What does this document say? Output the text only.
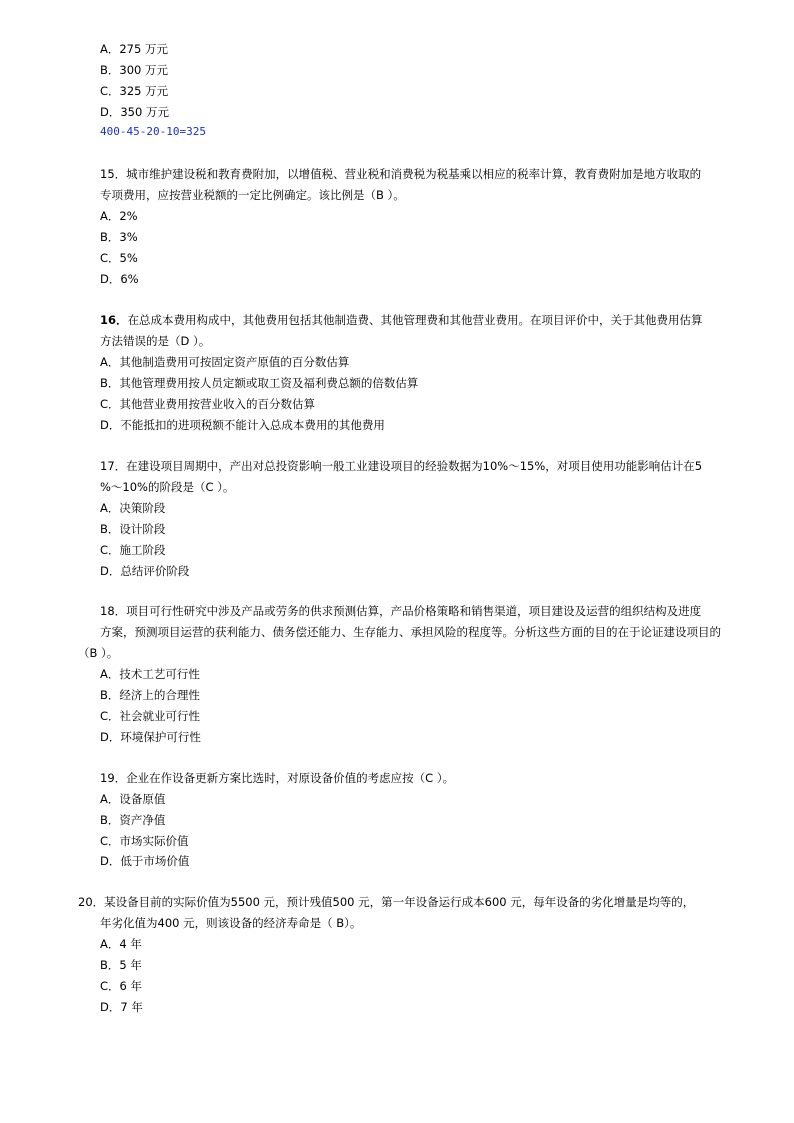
A．275 万元
B．300 万元
C．325 万元
D．350 万元
400-45-20-10=325
15．城市维护建设税和教育费附加，以增值税、营业税和消费税为税基乘以相应的税率计算，教育费附加是地方收取的
专项费用，应按营业税额的一定比例确定。该比例是（B ）。
A．2%
B．3%
C．5%
D．6%
16．在总成本费用构成中，其他费用包括其他制造费、其他管理费和其他营业费用。在项目评价中，关于其他费用估算
方法错误的是（D ）。
A．其他制造费用可按固定资产原值的百分数估算
B．其他管理费用按人员定额或取工资及福利费总额的倍数估算
C．其他营业费用按营业收入的百分数估算
D．不能抵扣的进项税额不能计入总成本费用的其他费用
17．在建设项目周期中，产出对总投资影响一般工业建设项目的经验数据为10%～15%，对项目使用功能影响估计在5
%～10%的阶段是（C ）。
A．决策阶段
B．设计阶段
C．施工阶段
D．总结评价阶段
18．项目可行性研究中涉及产品或劳务的供求预测估算，产品价格策略和销售渠道，项目建设及运营的组织结构及进度
方案，预测项目运营的获利能力、债务偿还能力、生存能力、承担风险的程度等。分析这些方面的目的在于论证建设项目的
（B ）。
A．技术工艺可行性
B．经济上的合理性
C．社会就业可行性
D．环境保护可行性
19．企业在作设备更新方案比选时，对原设备价值的考虑应按（C ）。
A．设备原值
B．资产净值
C．市场实际价值
D．低于市场价值
20．某设备目前的实际价值为5500 元，预计残值500 元，第一年设备运行成本600 元，每年设备的劣化增量是均等的，
年劣化值为400 元，则该设备的经济寿命是（ B）。
A．4 年
B．5 年
C．6 年
D．7 年
